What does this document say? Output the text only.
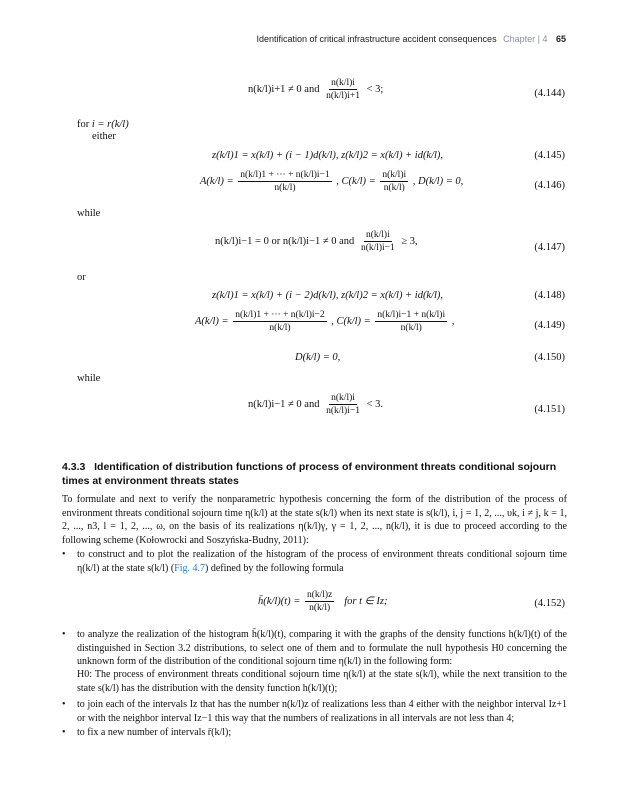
Identification of critical infrastructure accident consequences Chapter | 4 65
n(k/l)i+1 ≠ 0 and $\frac{n(k/l)i}{n(k/l)i+1} < 3$;	(4.144)
for i = r(k/l)
either
z(k/l)1 = x(k/l) + (i − 1)d(k/l), z(k/l)2 = x(k/l) + id(k/l),	(4.145)
$A(k/l) = \frac{n(k/l)1 + \cdot\cdot\cdot + n(k/l)i-1}{n(k/l)}$ , $C(k/l) = \frac{n(k/l)i}{n(k/l)}$ , D(k/l) = 0,	(4.146)
while
n(k/l)i−1 = 0 or n(k/l)i−1 ≠ 0 and $\frac{n(k/l)i}{n(k/l)i-1} \ge 3$,
(4.147)
or
z(k/l)1 = x(k/l) + (i − 2)d(k/l), z(k/l)2 = x(k/l) + id(k/l),	(4.148)
$A(k/l) = \frac{n(k/l)1 + \cdot\cdot\cdot + n(k/l)i-2}{n(k/l)}$ , $C(k/l) = \frac{n(k/l)i-1 + n(k/l)i}{n(k/l)}$ ,	(4.149)
D(k/l) = 0,	(4.150)
while
n(k/l)i−1 ≠ 0 and $\frac{n(k/l)i}{n(k/l)i-1} < 3$.	(4.151)
4.3.3 Identification of distribution functions of process of environment threats conditional sojourn times at environment threats states
To formulate and next to verify the nonparametric hypothesis concerning the form of the distribution of the process of environment threats conditional sojourn time η(k/l) at the state s(k/l) when its next state is s(k/l), i, j = 1, 2, ..., υk, i ≠ j, k = 1, 2, ..., n3, l = 1, 2, ..., ω, on the basis of its realizations η(k/l)γ, γ = 1, 2, ..., n(k/l), it is due to proceed according to the following scheme (Kołowrocki and Soszyńska-Budny, 2011):
• to construct and to plot the realization of the histogram of the process of environment threats conditional sojourn time η(k/l) at the state s(k/l) (Fig. 4.7) defined by the following formula
h̄(k/l)(t) = $\frac{n(k/l)z}{n(k/l)}$ for t ∈ Iz;	(4.152)
• to analyze the realization of the histogram h̄(k/l)(t), comparing it with the graphs of the density functions h(k/l)(t) of the distinguished in Section 3.2 distributions, to select one of them and to formulate the null hypothesis H0 concerning the unknown form of the distribution of the conditional sojourn time η(k/l) in the following form:
H0: The process of environment threats conditional sojourn time η(k/l) at the state s(k/l), while the next transition to the state s(k/l) has the distribution with the density function h(k/l)(t);
• to join each of the intervals Iz that has the number n(k/l)z of realizations less than 4 either with the neighbor interval Iz+1 or with the neighbor interval Iz−1 this way that the numbers of realizations in all intervals are not less than 4;
• to fix a new number of intervals r̄(k/l);
